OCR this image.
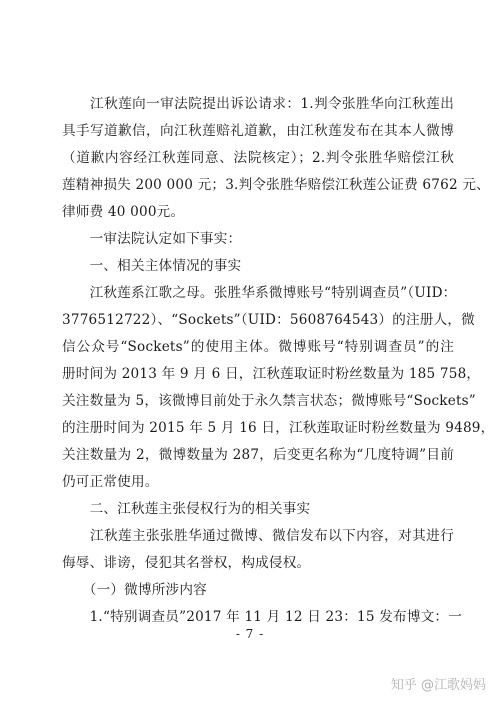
　　江秋莲向一审法院提出诉讼请求：1.判令张胜华向江秋莲出
具手写道歉信，向江秋莲赔礼道歉，由江秋莲发布在其本人微博
（道歉内容经江秋莲同意、法院核定）；2.判令张胜华赔偿江秋
莲精神损失 200 000 元；3.判令张胜华赔偿江秋莲公证费 6762 元、
律师费 40 000元。
　　一审法院认定如下事实：
　　一、相关主体情况的事实
　　江秋莲系江歌之母。张胜华系微博账号“特别调查员”（UID：
3776512722）、“Sockets”（UID：5608764543）的注册人，微
信公众号“Sockets”的使用主体。微博账号“特别调查员”的注
册时间为 2013 年 9 月 6 日，江秋莲取证时粉丝数量为 185 758，
关注数量为 5，该微博目前处于永久禁言状态；微博账号“Sockets”
的注册时间为 2015 年 5 月 16 日，江秋莲取证时粉丝数量为 9489，
关注数量为 2，微博数量为 287，后变更名称为“几度特调”目前
仍可正常使用。
　　二、江秋莲主张侵权行为的相关事实
　　江秋莲主张张胜华通过微博、微信发布以下内容，对其进行
侮辱、诽谤，侵犯其名誉权，构成侵权。
　　（一）微博所涉内容
　　1.“特别调查员”2017 年 11 月 12 日 23：15 发布博文：一
- 7 -
知乎 @江歌妈妈
